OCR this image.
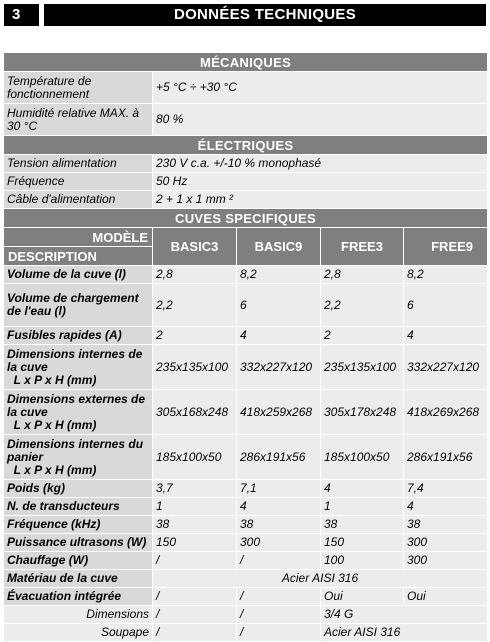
3	DONNÉES TECHNIQUES
MÉCANIQUES				
Température de fonctionnement	+5 °C ÷ +30 °C			
Humidité relative MAX. à 30 °C	80 %			
ÉLECTRIQUES				
Tension alimentation	230 V c.a. +/-10 % monophasé			
Fréquence	50 Hz			
Câble d'alimentation	2 + 1 x 1 mm ²			
CUVES SPECIFIQUES				
MODÈLE	BASIC3	BASIC9	FREE3	FREE9
DESCRIPTION				
Volume de la cuve (l)	2,8	8,2	2,8	8,2
Volume de chargement de l'eau (l)	2,2	6	2,2	6
Fusibles rapides (A)	2	4	2	4
Dimensions internes de la cuve
L x P x H (mm)	235x135x100	332x227x120	235x135x100	332x227x120
Dimensions externes de la cuve
L x P x H (mm)	305x168x248	418x259x268	305x178x248	418x269x268
Dimensions internes du panier
L x P x H (mm)	185x100x50	286x191x56	185x100x50	286x191x56
Poids (kg)	3,7	7,1	4	7,4
N. de transducteurs	1	4	1	4
Fréquence (kHz)	38	38	38	38
Puissance ultrasons (W)	150	300	150	300
Chauffage (W)	/	/	100	300
Matériau de la cuve	Acier AISI 316			
Évacuation intégrée	/	/	Oui	Oui
Dimensions	/	/	3/4 G	
Soupape	/	/	Acier AISI 316	
